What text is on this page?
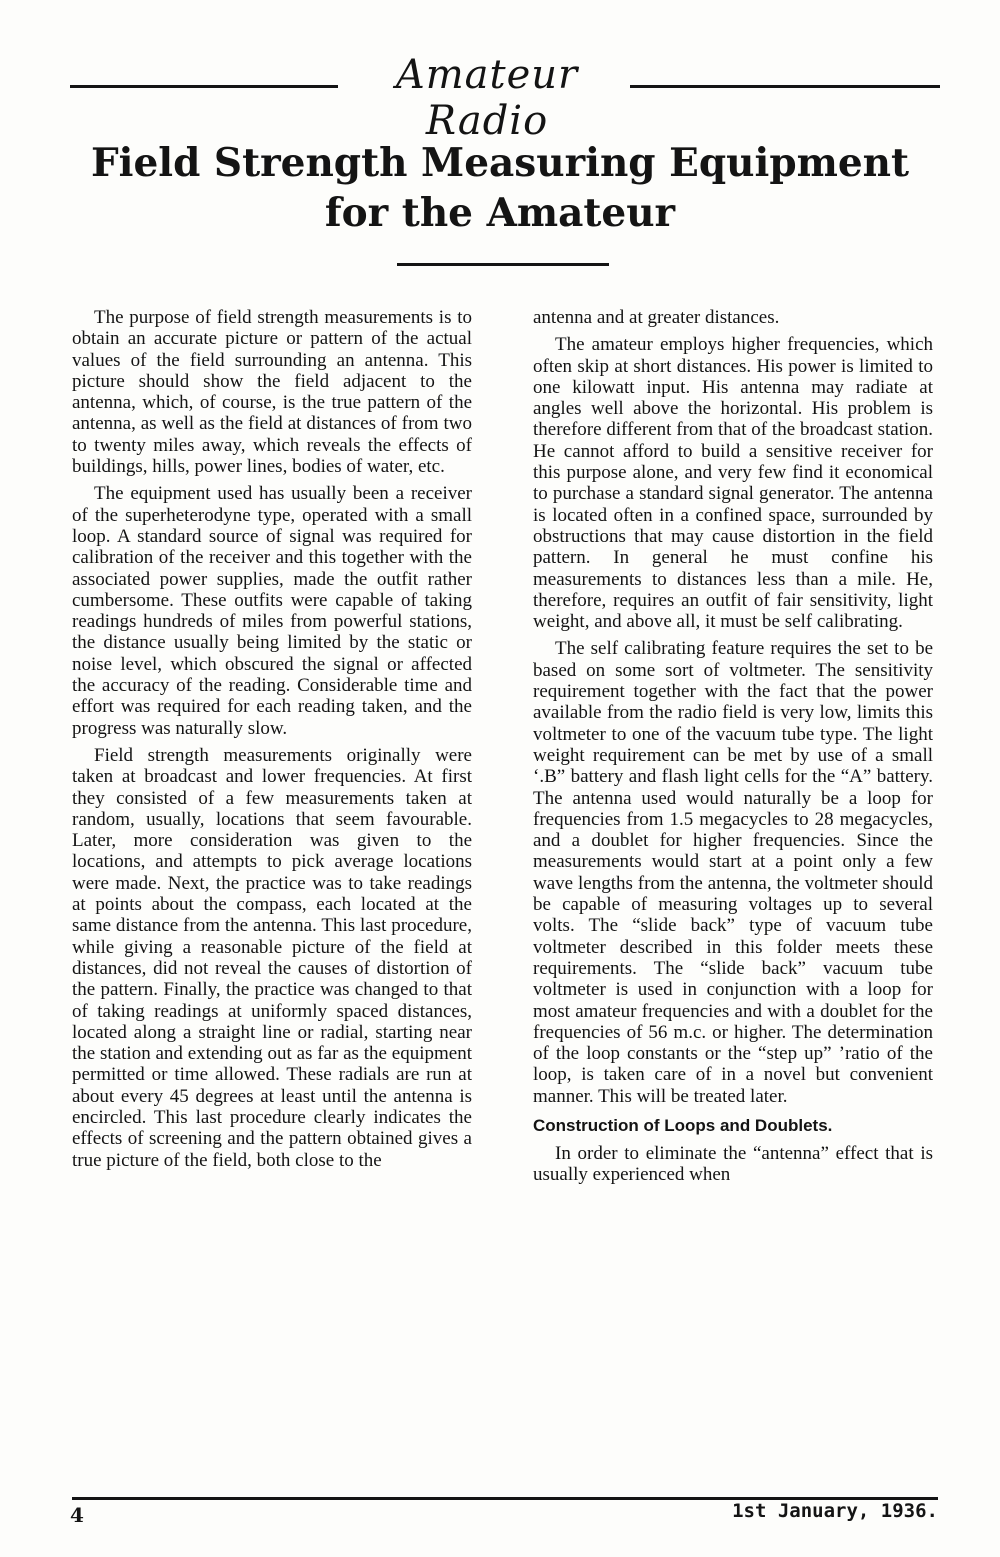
Amateur Radio
Field Strength Measuring Equipment
for the Amateur

The purpose of field strength measurements is to obtain an accurate picture or pattern of the actual values of the field surrounding an antenna. This picture should show the field adjacent to the antenna, which, of course, is the true pattern of the antenna, as well as the field at distances of from two to twenty miles away, which reveals the effects of buildings, hills, power lines, bodies of water, etc.

The equipment used has usually been a receiver of the superheterodyne type, operated with a small loop. A standard source of signal was required for calibration of the receiver and this together with the associated power supplies, made the outfit rather cumbersome. These outfits were capable of taking readings hundreds of miles from powerful stations, the distance usually being limited by the static or noise level, which obscured the signal or affected the accuracy of the reading. Considerable time and effort was required for each reading taken, and the progress was naturally slow.

Field strength measurements originally were taken at broadcast and lower frequencies. At first they consisted of a few measurements taken at random, usually, locations that seem favourable. Later, more consideration was given to the locations, and attempts to pick average locations were made. Next, the practice was to take readings at points about the compass, each located at the same distance from the antenna. This last procedure, while giving a reasonable picture of the field at distances, did not reveal the causes of distortion of the pattern. Finally, the practice was changed to that of taking readings at uniformly spaced distances, located along a straight line or radial, starting near the station and extending out as far as the equipment permitted or time allowed. These radials are run at about every 45 degrees at least until the antenna is encircled. This last procedure clearly indicates the effects of screening and the pattern obtained gives a true picture of the field, both close to the

antenna and at greater distances.

The amateur employs higher frequencies, which often skip at short distances. His power is limited to one kilowatt input. His antenna may radiate at angles well above the horizontal. His problem is therefore different from that of the broadcast station. He cannot afford to build a sensitive receiver for this purpose alone, and very few find it economical to purchase a standard signal generator. The antenna is located often in a confined space, surrounded by obstructions that may cause distortion in the field pattern. In general he must confine his measurements to distances less than a mile. He, therefore, requires an outfit of fair sensitivity, light weight, and above all, it must be self calibrating.

The self calibrating feature requires the set to be based on some sort of voltmeter. The sensitivity requirement together with the fact that the power available from the radio field is very low, limits this voltmeter to one of the vacuum tube type. The light weight requirement can be met by use of a small ‘.B” battery and flash light cells for the “A” battery. The antenna used would naturally be a loop for frequencies from 1.5 megacycles to 28 megacycles, and a doublet for higher frequencies. Since the measurements would start at a point only a few wave lengths from the antenna, the voltmeter should be capable of measuring voltages up to several volts. The “slide back” type of vacuum tube voltmeter described in this folder meets these requirements. The “slide back” vacuum tube voltmeter is used in conjunction with a loop for most amateur frequencies and with a doublet for the frequencies of 56 m.c. or higher. The determination of the loop constants or the “step up” ’ratio of the loop, is taken care of in a novel but convenient manner. This will be treated later.

Construction of Loops and Doublets.

In order to eliminate the “antenna” effect that is usually experienced when

4	1st January, 1936.
